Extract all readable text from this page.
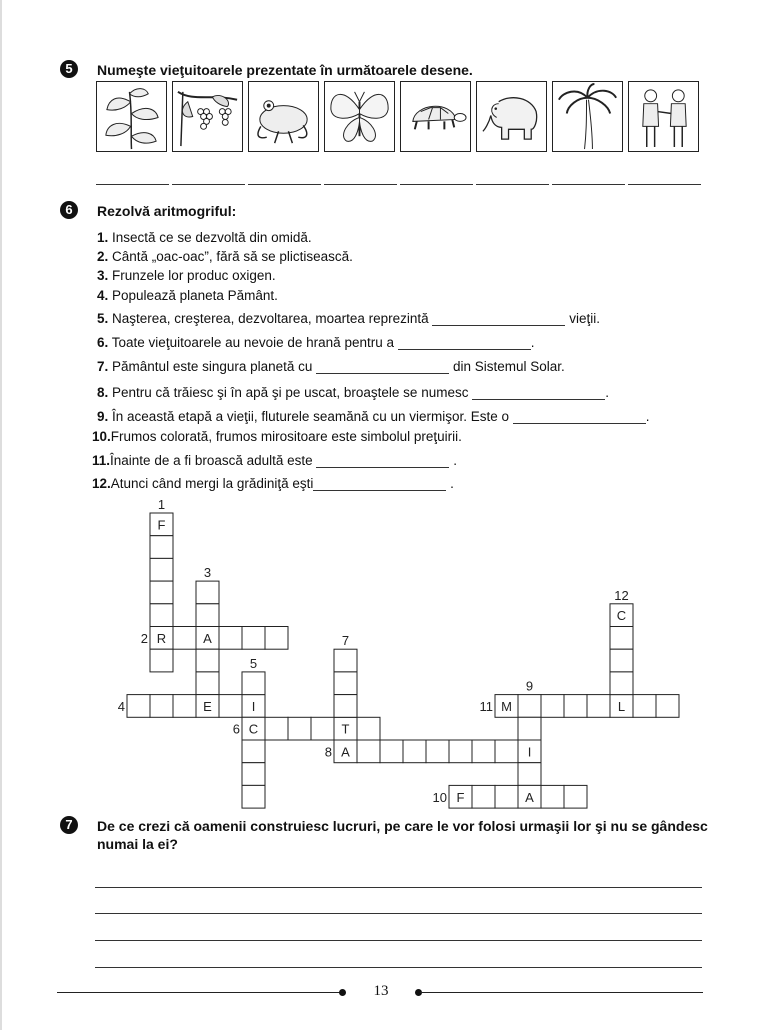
5	Numeşte vieţuitoarele prezentate în următoarele desene.
6	Rezolvă aritmogriful:
1. Insectă ce se dezvoltă din omidă.
2. Cântă „oac-oac”, fără să se plictisească.
3. Frunzele lor produc oxigen.
4. Populează planeta Pământ.
5. Naşterea, creşterea, dezvoltarea, moartea reprezintă	vieţii.
6. Toate vieţuitoarele au nevoie de hrană pentru a	.
7. Pământul este singura planetă cu	din Sistemul Solar.
8. Pentru că trăiesc şi în apă şi pe uscat, broaştele se numesc	.
9. În această etapă a vieţii, fluturele seamănă cu un viermişor. Este o	.
10.Frumos colorată, frumos mirositoare este simbolul preţuirii.
11.Înainte de a fi broască adultă este	.
12.Atunci când mergi la grădiniţă eşti	.
F
R	A
E	I
C	T
A	I
A
F
M	L
C
1
2
3
4
5
6
7
8
9
10
11
12
7	De ce crezi că oamenii construiesc lucruri, pe care le vor folosi urmaşii lor şi nu se gândesc
numai la ei?
13
